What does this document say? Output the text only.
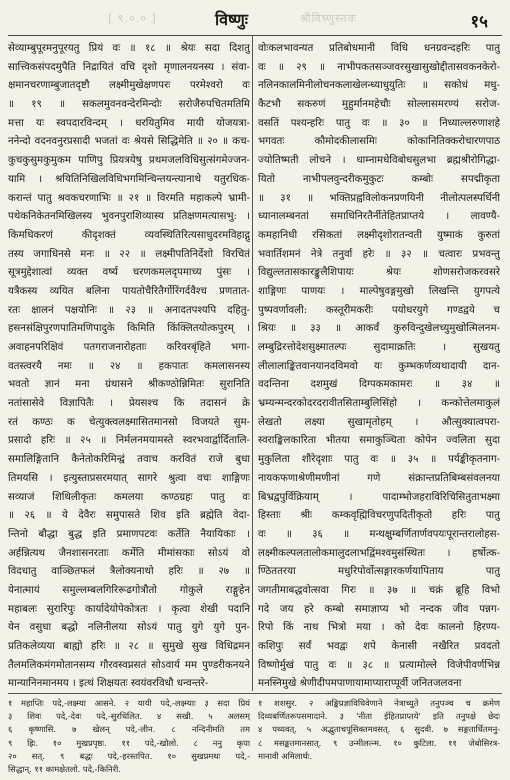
[ ९.०.० ]	श्रीविष्णुस्तवः
विष्णुः	१५
सेव्याम्बुपूरमनुपूरयतु प्रियं वः ॥ १८ ॥ श्रेयः सदा दिशतु
सात्त्विकसंपदमुपैति निद्रायितं वचि दृशो मृणालनयनस्य । संवा-
क्षमानचरणाम्बुजातदृष्टौ लक्ष्मीमुखेक्षणपरः परमेश्वरो वः
॥ १९ ॥ सकलमुवनवन्देरमिन्दोः सरोजैरुपचितमतिमि
मत्ता यः स्वपदारविन्दम् । धरयितुमिव मायी योजयत्रा-
ननेन्दो वदनवनुरप्रसादी भजतां वः श्रेयसे सिद्धिमेति ॥ २० ॥ कच-
कुचकुसुमकुमुकम पाणिपु प्रियत्रयेषु प्रथमजलविधिसुत्संगमेज्जन-
यामि । श्रयितिनिखिलविधिभगमिन्चिन्तयन्त्यानाथे यतुरधिक-
करान्तं पातु श्रवकचरणाभिः ॥ २१ ॥ विरमति महाकल्पे भ्रामी-
पथेकनिकेतनमिखिलस्य भुवनपुराशिव्यास्य प्रतिक्षणमत्यासभु: ।
किमधिकरणं कीदृशक्तं व्यवस्थितिरित्यसाधुदरमविहाद्गु
तस्य जगाधिनसे मनः ॥ २२ ॥ लक्ष्मीपतिनिर्देशो विरचितं
सूत्रमुद्देशात्वां व्यक्त वर्ष्य चरणकमलदृपमाच्य पुंसः ।
यत्रैकस्य व्ययित बलिना पायतोचैरितैर्गोरिंगर्दवैश्च प्रणतात-
रतः क्षालनं पक्षयोनिः ॥ २३ ॥ अनादतपश्यपि दहितु-
हसनसंक्षिपुरणपातिमणिपादुके किमिति किंक्लितयोत्कपुरम् ।
अवाहनपरिक्षिवं पतगराजनारोहताः करिवरबृंहिते भगा-
वतस्त्वरयै नमः ॥ २४ ॥ हकपातः कमलासनस्य
भवतो ज्ञानं मना ग्रंथासने श्रीकण्ठोन्निमितः सुरानिति
नतांसासेवे विज्ञापितैः । प्रेयसश्च कि तदासनं क्रे
रतं कण्ठः क चेत्युक्त्वलक्ष्मासितमानसो विजयते सुम-
प्रसादो हरिः ॥ २५ ॥ निर्मलनमयामस्ते स्वरभवार्द्वार्दितालि-
समालिङ्गितानि कैनेतोकरिमिन्द्वं तवाच करवितं राजे बुधा
तिमयसि । इत्युस्ताप्रसरमयात् सागरे श्रुत्वा वचः शाङ्गिणः
सव्याजं शिथिलीकृतः कमलया कण्ठग्रहः पातु वः
॥ २६ ॥ ये देवैरः समुपासते शिव इति ब्रह्मेति वेदा-
न्तिनो बौद्धा बुद्ध इति प्रमाणपटवः कर्तेति नैयायिकाः ।
अर्हन्नित्यथ जैनशासनरताः कर्मेति मीमांसकाः सोऽयं वो
विदधातु वाञ्छितफलं त्रैलोक्यनाथो हरिः ॥ २७ ॥
येनात्मायं समुल्लम्बलगिरिरूढगोत्रौतो गोकुले राङ्गुहेन
महाबलः सुरारिपुः कार्यादेयोपेकोत्रतः । कृत्वा शेखी पदानि
येन वसुधा बद्धो नलिनीलया सोऽयं पातु युगे युगे पुन-
प्रतिकलेव्यया बाह्यो हरिः ॥ २८ ॥ सुमुखे सुख विधिद्रमन
तैलमलिकमंगमोतानसम्य गौरवस्वप्नसतं सोऽवार्य मम पुण्डरीकनयने
मान्यानिनमानमय । इत्थं शिक्षयतः स्वयंवरविधौ धन्वन्तरे-
वोःकलभावन्यत प्रतिबोधमानी विधि धनग्रवन्दहरिः पातु
वः ॥ २९ ॥ नाभीपकतसञ्जवरसुखासुखोद्दीतासवकनकेरो-
नलिनकालमिनीलोचनकलाखेलन्ध्याधुयुतिः ॥ सकोधं मधु-
कैटभौ सकरुणं मुहुर्मानमहेचौः सोल्लासमरण्यं सरोज-
वसतिं पश्यन्हरिः पातु वः ॥ ३० ॥ निध्याल्लरुणाशहे
भगवतः कौमोदकीलासमिः कोकानितिक्करोचारणपाठ
ज्योतिष्मती लोचने । धाम्नामधेविबोधसुलभा ब्रह्मश्रीरोगिद्धा-
यितो नाभीपलवुन्दरीकमुकुटः कम्बोः सपद्मीकृता
॥ ३१ ॥ भक्तिप्रह्वविलोकनप्रणयिनी नीलोत्पलस्पर्धिनी
ध्यानालम्बनतां समाधिनिरतैर्नीतेहितप्राप्तये । लावण्यै-
कमहानिधी रसिकतां लक्ष्मीदृशोरातन्वती युष्माकं कुरुतां
भवार्तिशमनं नेत्रे तनुर्वा हरेः ॥ ३२ ॥ चत्वारः प्रभवन्तु
विद्युल्लतासकारङ्कुलैशिपायः श्रेयः शोणसरोजकरवसरे
शाङ्गिणः पाणयः । माल्पेषुवङ्गमुखो लिखन्ति युगपत्ये
पुष्पवर्णावली: कस्तूरीमकरीः पयोधरयुगे गण्डद्वये च
श्रियः ॥ ३३ ॥ आकर्वं कुरुविन्दुखेलच्युमुखोत्मिलनम-
लम्बुद्रिरत्तोदेशसुक्ष्मातल्पः सुदामाक्रतिः । सुखयतु
लीलालाङ्कितवानयानदविमवो यः कुम्भकर्णव्यथादायी दान-
वदन्तिना दशमुखं दिग्पकमकामरः ॥ ३४ ॥
भ्रम्यन्मन्दरकोदरदरावीतसिताम्बुलिसिंहो । कन्कोत्तेलमाकुलं
लेखतो लक्ष्या सुखामृतोहम् । औत्सुक्यात्वपरा-
स्वराङ्किलकारिता भीतया समाकुञ्चिता कोपेन ज्वलिता सुदा
मुकुलिता शौरेदृशाः पातु वः ॥ ३५ ॥ पर्यङ्कीकृतनाग-
नायकफणाश्रेणीमणीनां गणे संक्रान्तप्रतिबिम्बसंवलनया
बिभ्रद्वपुर्विक्रियाम् । पादाम्भोजहराविरिचिसितुताभक्ष्मा
हिस्ताः श्रीः कम्कवृह्मिविचरणुपदितीकृतो हरिः पातु
वः ॥ ३६ ॥ मन्थक्षुम्बर्णितार्णवपयःपूरान्तरालोहस-
लक्ष्मीकल्पलतालोकमालुदलाभद्विंमश्वमुसंस्थितः । हर्षोत्क-
ण्ठिततरया मधुरिपोर्वोत्सङ्गारकर्णयापिताय पातु
जगतीमाबद्धवोत्सवा गिरः ॥ ३७ ॥ चक्रं ब्रूहि विभो
गदे जय हरे कम्बो समाज्ञाप्य भो नन्दक जीव पन्नग-
रिपो किं नाथ भित्रो मया । को देवः कालनो हिरण्य-
कशिपुः सर्वं भवद्वः शपे केनासी नखैरित प्रवदतो
विष्णोर्मुखं पातु वः ॥ ३८ ॥ प्रत्यामोल्ले विजेपीवर्णभिन्न
मनस्निमुखे श्रेणीदीपमपाणायामाप्याराप्पूर्वी जनितजलवना
१ महाप्तिः पदे,-लक्ष्म्या आसने. २ यायी पदे,-लक्ष्म्याः ३ सदा प्रियं
३ शिवः पदे,-देवः पदे,-सुरधिलित. ४ सखी. ५ अलसम्
६ कृष्णासि. ७ खेलन् पदे,-लीन. ८ नन्दिनीमति तम
९ ह्रिः. १० मुखप्रपृष्ठः. ११ पदे,-खोलो. ८ ननु कृपा
२० सत्. ९ बद्धः पदे,-हरस्तपित. १० सुखप्रमथः पदे,-
सिद्धान्. ११ कामक्षेतलो. पदे,-किनिरी.
१ शशसुर. २ अङ्किप्रज्ञाविधिवेणाने नेत्राच्युते तनुपञ्च च क्रमेण
दिव्यबर्णितरूपसमादाने. ३ 'नीता ईहितप्राप्तये' इति तनुपक्षे छेदः
४ पथ्यवत्. ५ अद्भुताचपूसिक्तमवसत्. ६ सुदवी. ७ सङ्गतार्धितमनु-
८ मसङ्कतमानसात्. ९ उन्मीलत्न्म. १० कुटिला. ११ जेबोसिरत्र-
मानावी अमिलार्थः.
